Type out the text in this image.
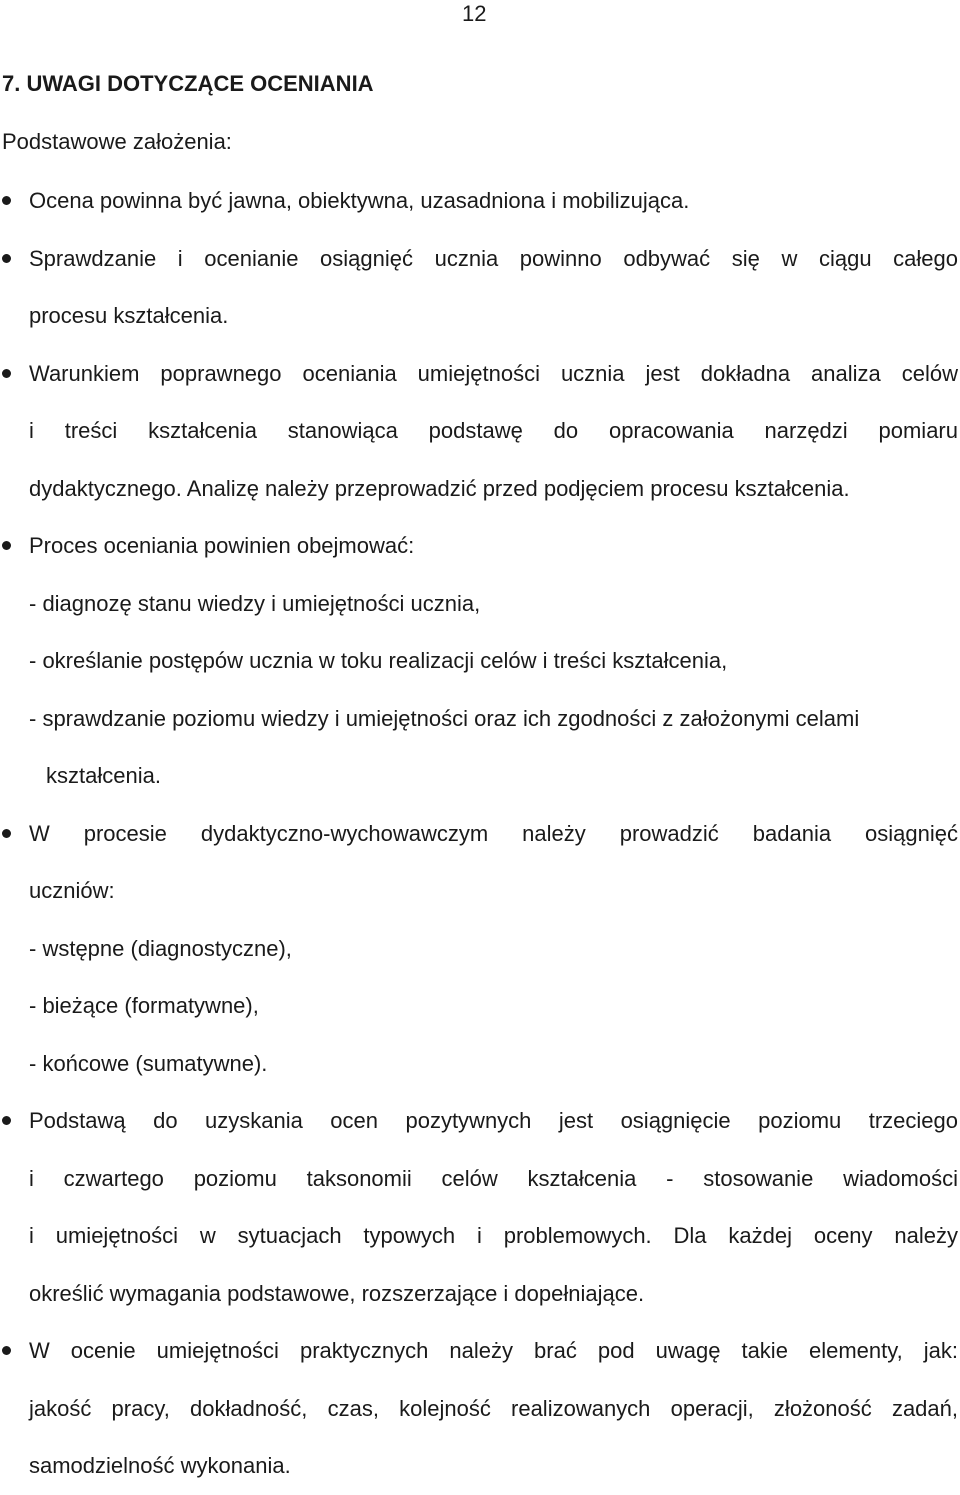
12
7. UWAGI DOTYCZĄCE OCENIANIA
Podstawowe założenia:
Ocena powinna być jawna, obiektywna, uzasadniona i mobilizująca.
Sprawdzanie i ocenianie osiągnięć ucznia powinno odbywać się w ciągu całego
procesu kształcenia.
Warunkiem poprawnego oceniania umiejętności ucznia jest dokładna analiza celów
i treści kształcenia stanowiąca podstawę do opracowania narzędzi pomiaru
dydaktycznego. Analizę należy przeprowadzić przed podjęciem procesu kształcenia.
Proces oceniania powinien obejmować:
- diagnozę stanu wiedzy i umiejętności ucznia,
- określanie postępów ucznia w toku realizacji celów i treści kształcenia,
- sprawdzanie poziomu wiedzy i umiejętności oraz ich zgodności z założonymi celami
kształcenia.
W procesie dydaktyczno-wychowawczym należy prowadzić badania osiągnięć
uczniów:
- wstępne (diagnostyczne),
- bieżące (formatywne),
- końcowe (sumatywne).
Podstawą do uzyskania ocen pozytywnych jest osiągnięcie poziomu trzeciego
i czwartego poziomu taksonomii celów kształcenia - stosowanie wiadomości
i umiejętności w sytuacjach typowych i problemowych. Dla każdej oceny należy
określić wymagania podstawowe, rozszerzające i dopełniające.
W ocenie umiejętności praktycznych należy brać pod uwagę takie elementy, jak:
jakość pracy, dokładność, czas, kolejność realizowanych operacji, złożoność zadań,
samodzielność wykonania.
